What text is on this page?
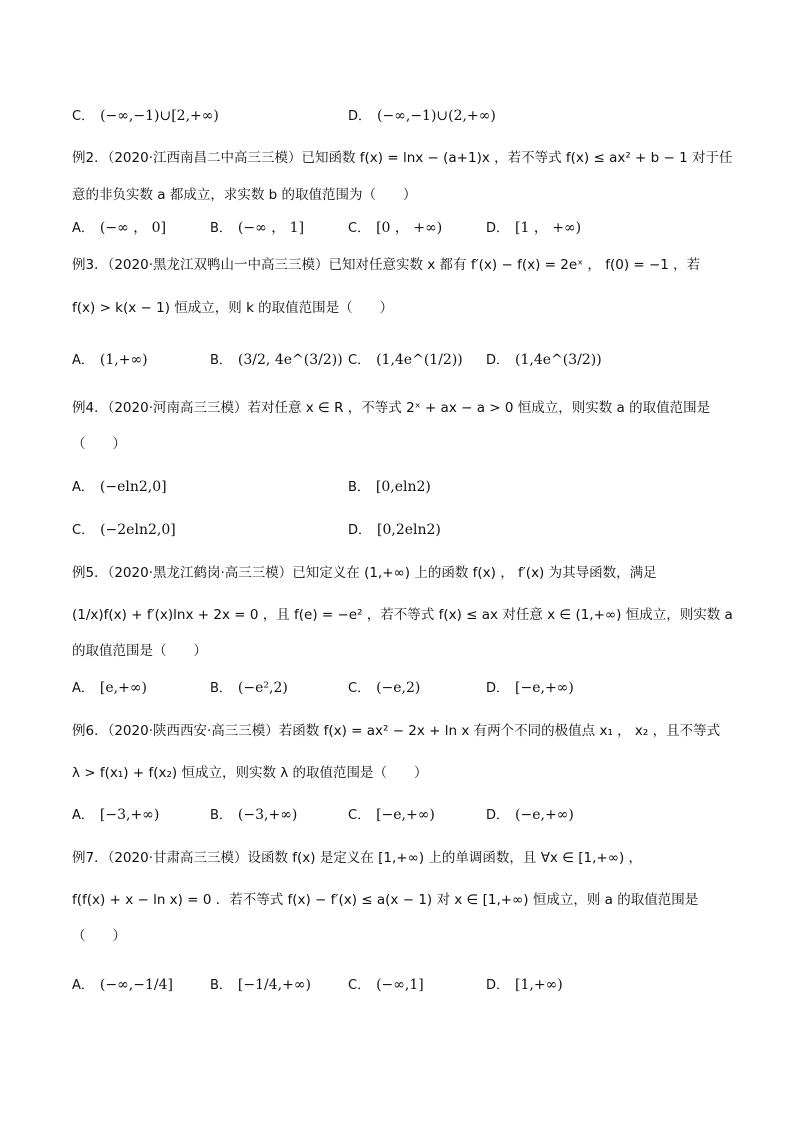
C． (−∞,−1)∪[2,+∞)	D． (−∞,−1)∪(2,+∞)
例2．（2020·江西南昌二中高三三模）已知函数 f(x) = lnx − (a+1)x ，若不等式 f(x) ≤ ax² + b − 1 对于任
意的非负实数 a 都成立，求实数 b 的取值范围为（　　）
A． (−∞ ， 0]	B． (−∞ ， 1]	C． [0 ， +∞)	D． [1 ， +∞)
例3．（2020·黑龙江双鸭山一中高三三模）已知对任意实数 x 都有 f′(x) − f(x) = 2eˣ ， f(0) = −1 ，若
f(x) > k(x − 1) 恒成立，则 k 的取值范围是（　　）
A． (1,+∞)	B． (3/2, 4e^(3/2)) C． (1,4e^(1/2)) D． (1,4e^(3/2))
例4．（2020·河南高三三模）若对任意 x ∈ R ，不等式 2ˣ + ax − a > 0 恒成立，则实数 a 的取值范围是
（　　）
A． (−eln2,0]	B． [0,eln2)
C． (−2eln2,0]	D． [0,2eln2)
例5．（2020·黑龙江鹤岗·高三三模）已知定义在 (1,+∞) 上的函数 f(x) ， f′(x) 为其导函数，满足
(1/x)f(x) + f′(x)lnx + 2x = 0 ，且 f(e) = −e² ，若不等式 f(x) ≤ ax 对任意 x ∈ (1,+∞) 恒成立，则实数 a
的取值范围是（　　）
A． [e,+∞)	B． (−e²,2)	C． (−e,2)	D． [−e,+∞)
例6．（2020·陕西西安·高三三模）若函数 f(x) = ax² − 2x + ln x 有两个不同的极值点 x₁ ， x₂ ，且不等式
λ > f(x₁) + f(x₂) 恒成立，则实数 λ 的取值范围是（　　）
A． [−3,+∞)	B． (−3,+∞)	C． [−e,+∞)	D． (−e,+∞)
例7．（2020·甘肃高三三模）设函数 f(x) 是定义在 [1,+∞) 上的单调函数，且 ∀x ∈ [1,+∞) ，
f(f(x) + x − ln x) = 0 ．若不等式 f(x) − f′(x) ≤ a(x − 1) 对 x ∈ [1,+∞) 恒成立，则 a 的取值范围是
（　　）
A． (−∞,−1/4]	B． [−1/4,+∞)	C． (−∞,1]	D． [1,+∞)
